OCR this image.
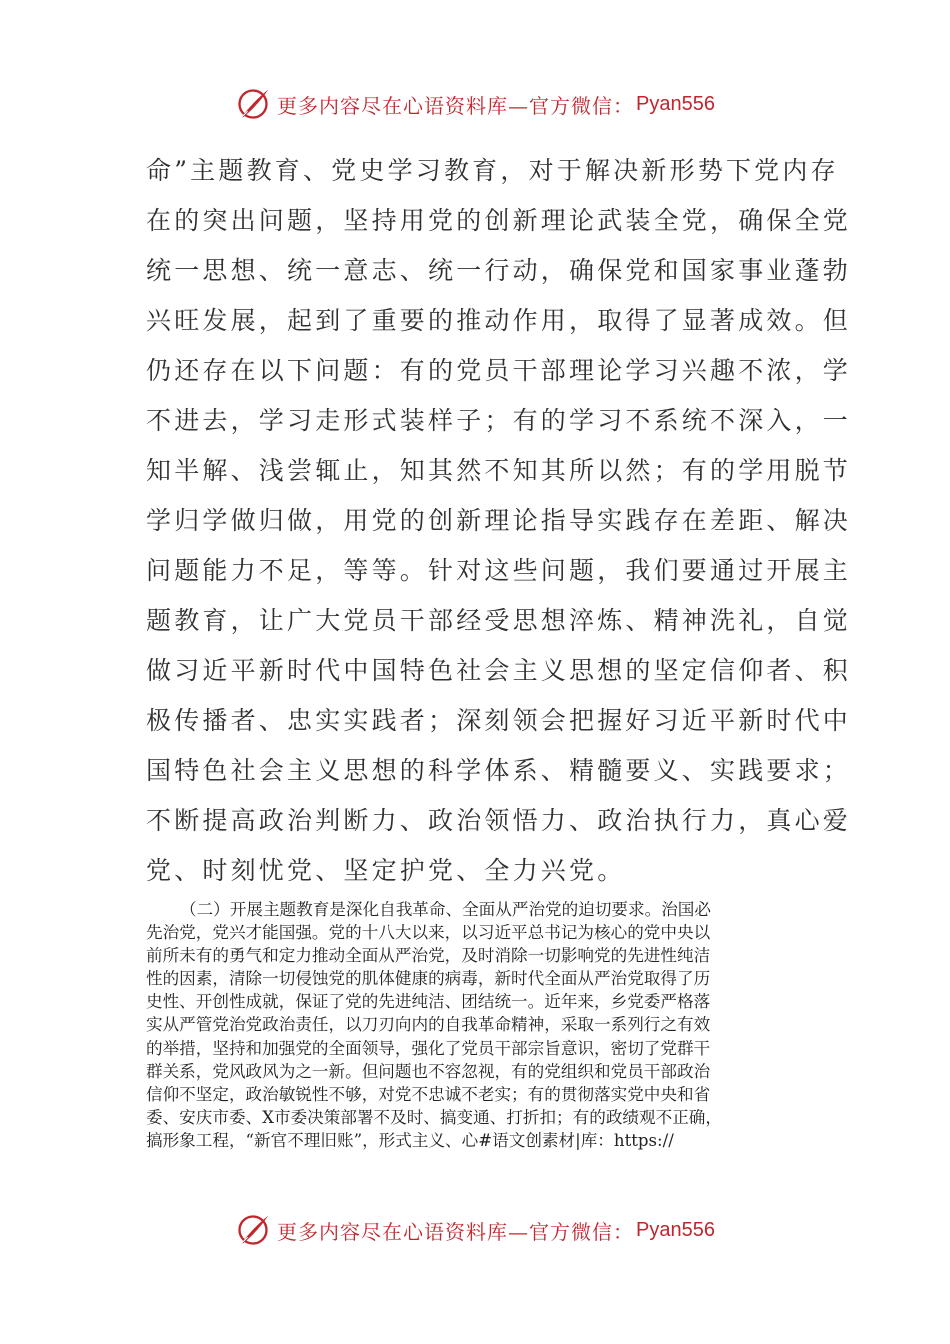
更多内容尽在心语资料库—官方微信： Pyan556
命”主题教育、党史学习教育，对于解决新形势下党内存
在的突出问题，坚持用党的创新理论武装全党，确保全党
统一思想、统一意志、统一行动，确保党和国家事业蓬勃
兴旺发展，起到了重要的推动作用，取得了显著成效。但
仍还存在以下问题：有的党员干部理论学习兴趣不浓，学
不进去，学习走形式装样子；有的学习不系统不深入，一
知半解、浅尝辄止，知其然不知其所以然；有的学用脱节
学归学做归做，用党的创新理论指导实践存在差距、解决
问题能力不足，等等。针对这些问题，我们要通过开展主
题教育，让广大党员干部经受思想淬炼、精神洗礼，自觉
做习近平新时代中国特色社会主义思想的坚定信仰者、积
极传播者、忠实实践者；深刻领会把握好习近平新时代中
国特色社会主义思想的科学体系、精髓要义、实践要求；
不断提高政治判断力、政治领悟力、政治执行力，真心爱
党、时刻忧党、坚定护党、全力兴党。
（二）开展主题教育是深化自我革命、全面从严治党的迫切要求。治国必
先治党，党兴才能国强。党的十八大以来，以习近平总书记为核心的党中央以
前所未有的勇气和定力推动全面从严治党，及时消除一切影响党的先进性纯洁
性的因素，清除一切侵蚀党的肌体健康的病毒，新时代全面从严治党取得了历
史性、开创性成就，保证了党的先进纯洁、团结统一。近年来，乡党委严格落
实从严管党治党政治责任，以刀刃向内的自我革命精神，采取一系列行之有效
的举措，坚持和加强党的全面领导，强化了党员干部宗旨意识，密切了党群干
群关系，党风政风为之一新。但问题也不容忽视，有的党组织和党员干部政治
信仰不坚定，政治敏锐性不够，对党不忠诚不老实；有的贯彻落实党中央和省
委、安庆市委、X市委决策部署不及时、搞变通、打折扣；有的政绩观不正确，
搞形象工程，“新官不理旧账”，形式主义、心#语文创素材|库：https://
更多内容尽在心语资料库—官方微信： Pyan556
